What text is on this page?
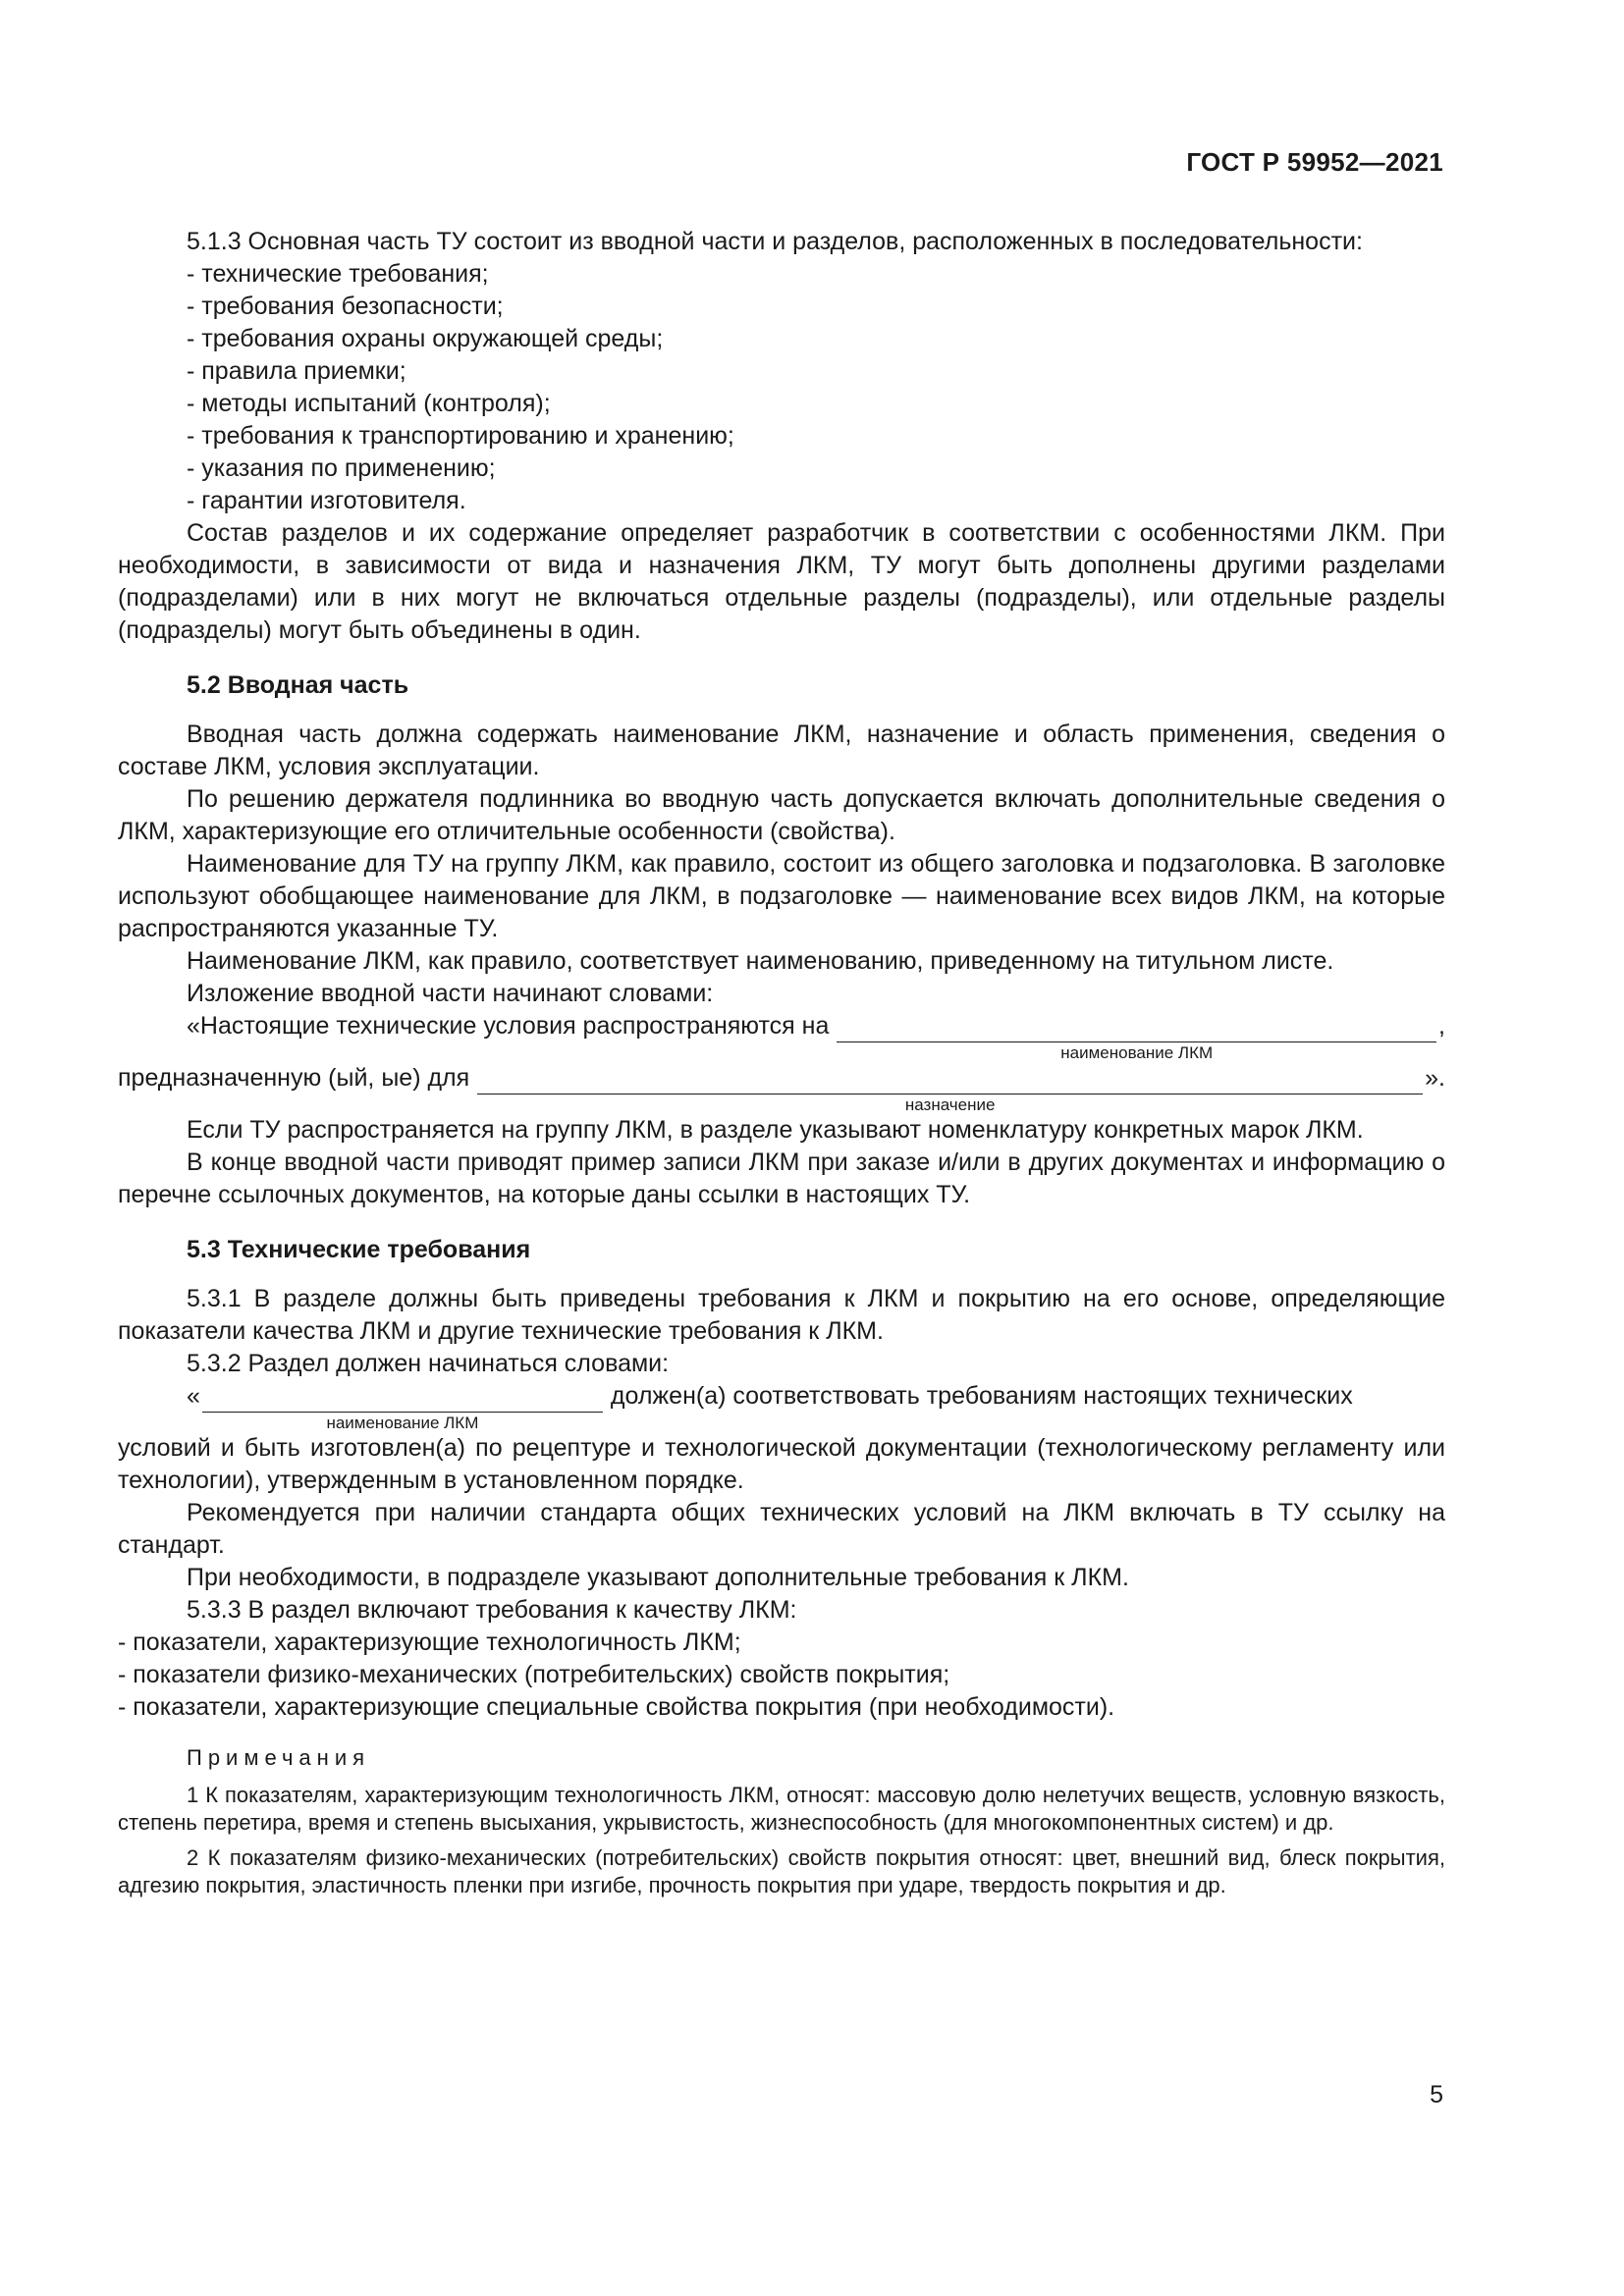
ГОСТ Р 59952—2021

5.1.3 Основная часть ТУ состоит из вводной части и разделов, расположенных в последовательности:

- технические требования;
- требования безопасности;
- требования охраны окружающей среды;
- правила приемки;
- методы испытаний (контроля);
- требования к транспортированию и хранению;
- указания по применению;
- гарантии изготовителя.

Состав разделов и их содержание определяет разработчик в соответствии с особенностями ЛКМ. При необходимости, в зависимости от вида и назначения ЛКМ, ТУ могут быть дополнены другими разделами (подразделами) или в них могут не включаться отдельные разделы (подразделы), или отдельные разделы (подразделы) могут быть объединены в один.

5.2 Вводная часть

Вводная часть должна содержать наименование ЛКМ, назначение и область применения, сведения о составе ЛКМ, условия эксплуатации.

По решению держателя подлинника во вводную часть допускается включать дополнительные сведения о ЛКМ, характеризующие его отличительные особенности (свойства).

Наименование для ТУ на группу ЛКМ, как правило, состоит из общего заголовка и подзаголовка. В заголовке используют обобщающее наименование для ЛКМ, в подзаголовке — наименование всех видов ЛКМ, на которые распространяются указанные ТУ.

Наименование ЛКМ, как правило, соответствует наименованию, приведенному на титульном листе.

Изложение вводной части начинают словами:

«Настоящие технические условия распространяются на
наименование ЛКМ
,
предназначенную (ый, ые) для
назначение
».

Если ТУ распространяется на группу ЛКМ, в разделе указывают номенклатуру конкретных марок ЛКМ.

В конце вводной части приводят пример записи ЛКМ при заказе и/или в других документах и информацию о перечне ссылочных документов, на которые даны ссылки в настоящих ТУ.

5.3 Технические требования

5.3.1 В разделе должны быть приведены требования к ЛКМ и покрытию на его основе, определяющие показатели качества ЛКМ и другие технические требования к ЛКМ.

5.3.2 Раздел должен начинаться словами:

«
наименование ЛКМ
должен(а) соответствовать требованиям настоящих технических

условий и быть изготовлен(а) по рецептуре и технологической документации (технологическому регламенту или технологии), утвержденным в установленном порядке.

Рекомендуется при наличии стандарта общих технических условий на ЛКМ включать в ТУ ссылку на стандарт.

При необходимости, в подразделе указывают дополнительные требования к ЛКМ.

5.3.3 В раздел включают требования к качеству ЛКМ:

- показатели, характеризующие технологичность ЛКМ;
- показатели физико-механических (потребительских) свойств покрытия;
- показатели, характеризующие специальные свойства покрытия (при необходимости).
Примечания

1 К показателям, характеризующим технологичность ЛКМ, относят: массовую долю нелетучих веществ, условную вязкость, степень перетира, время и степень высыхания, укрывистость, жизнеспособность (для многокомпонентных систем) и др.

2 К показателям физико-механических (потребительских) свойств покрытия относят: цвет, внешний вид, блеск покрытия, адгезию покрытия, эластичность пленки при изгибе, прочность покрытия при ударе, твердость покрытия и др.

5
